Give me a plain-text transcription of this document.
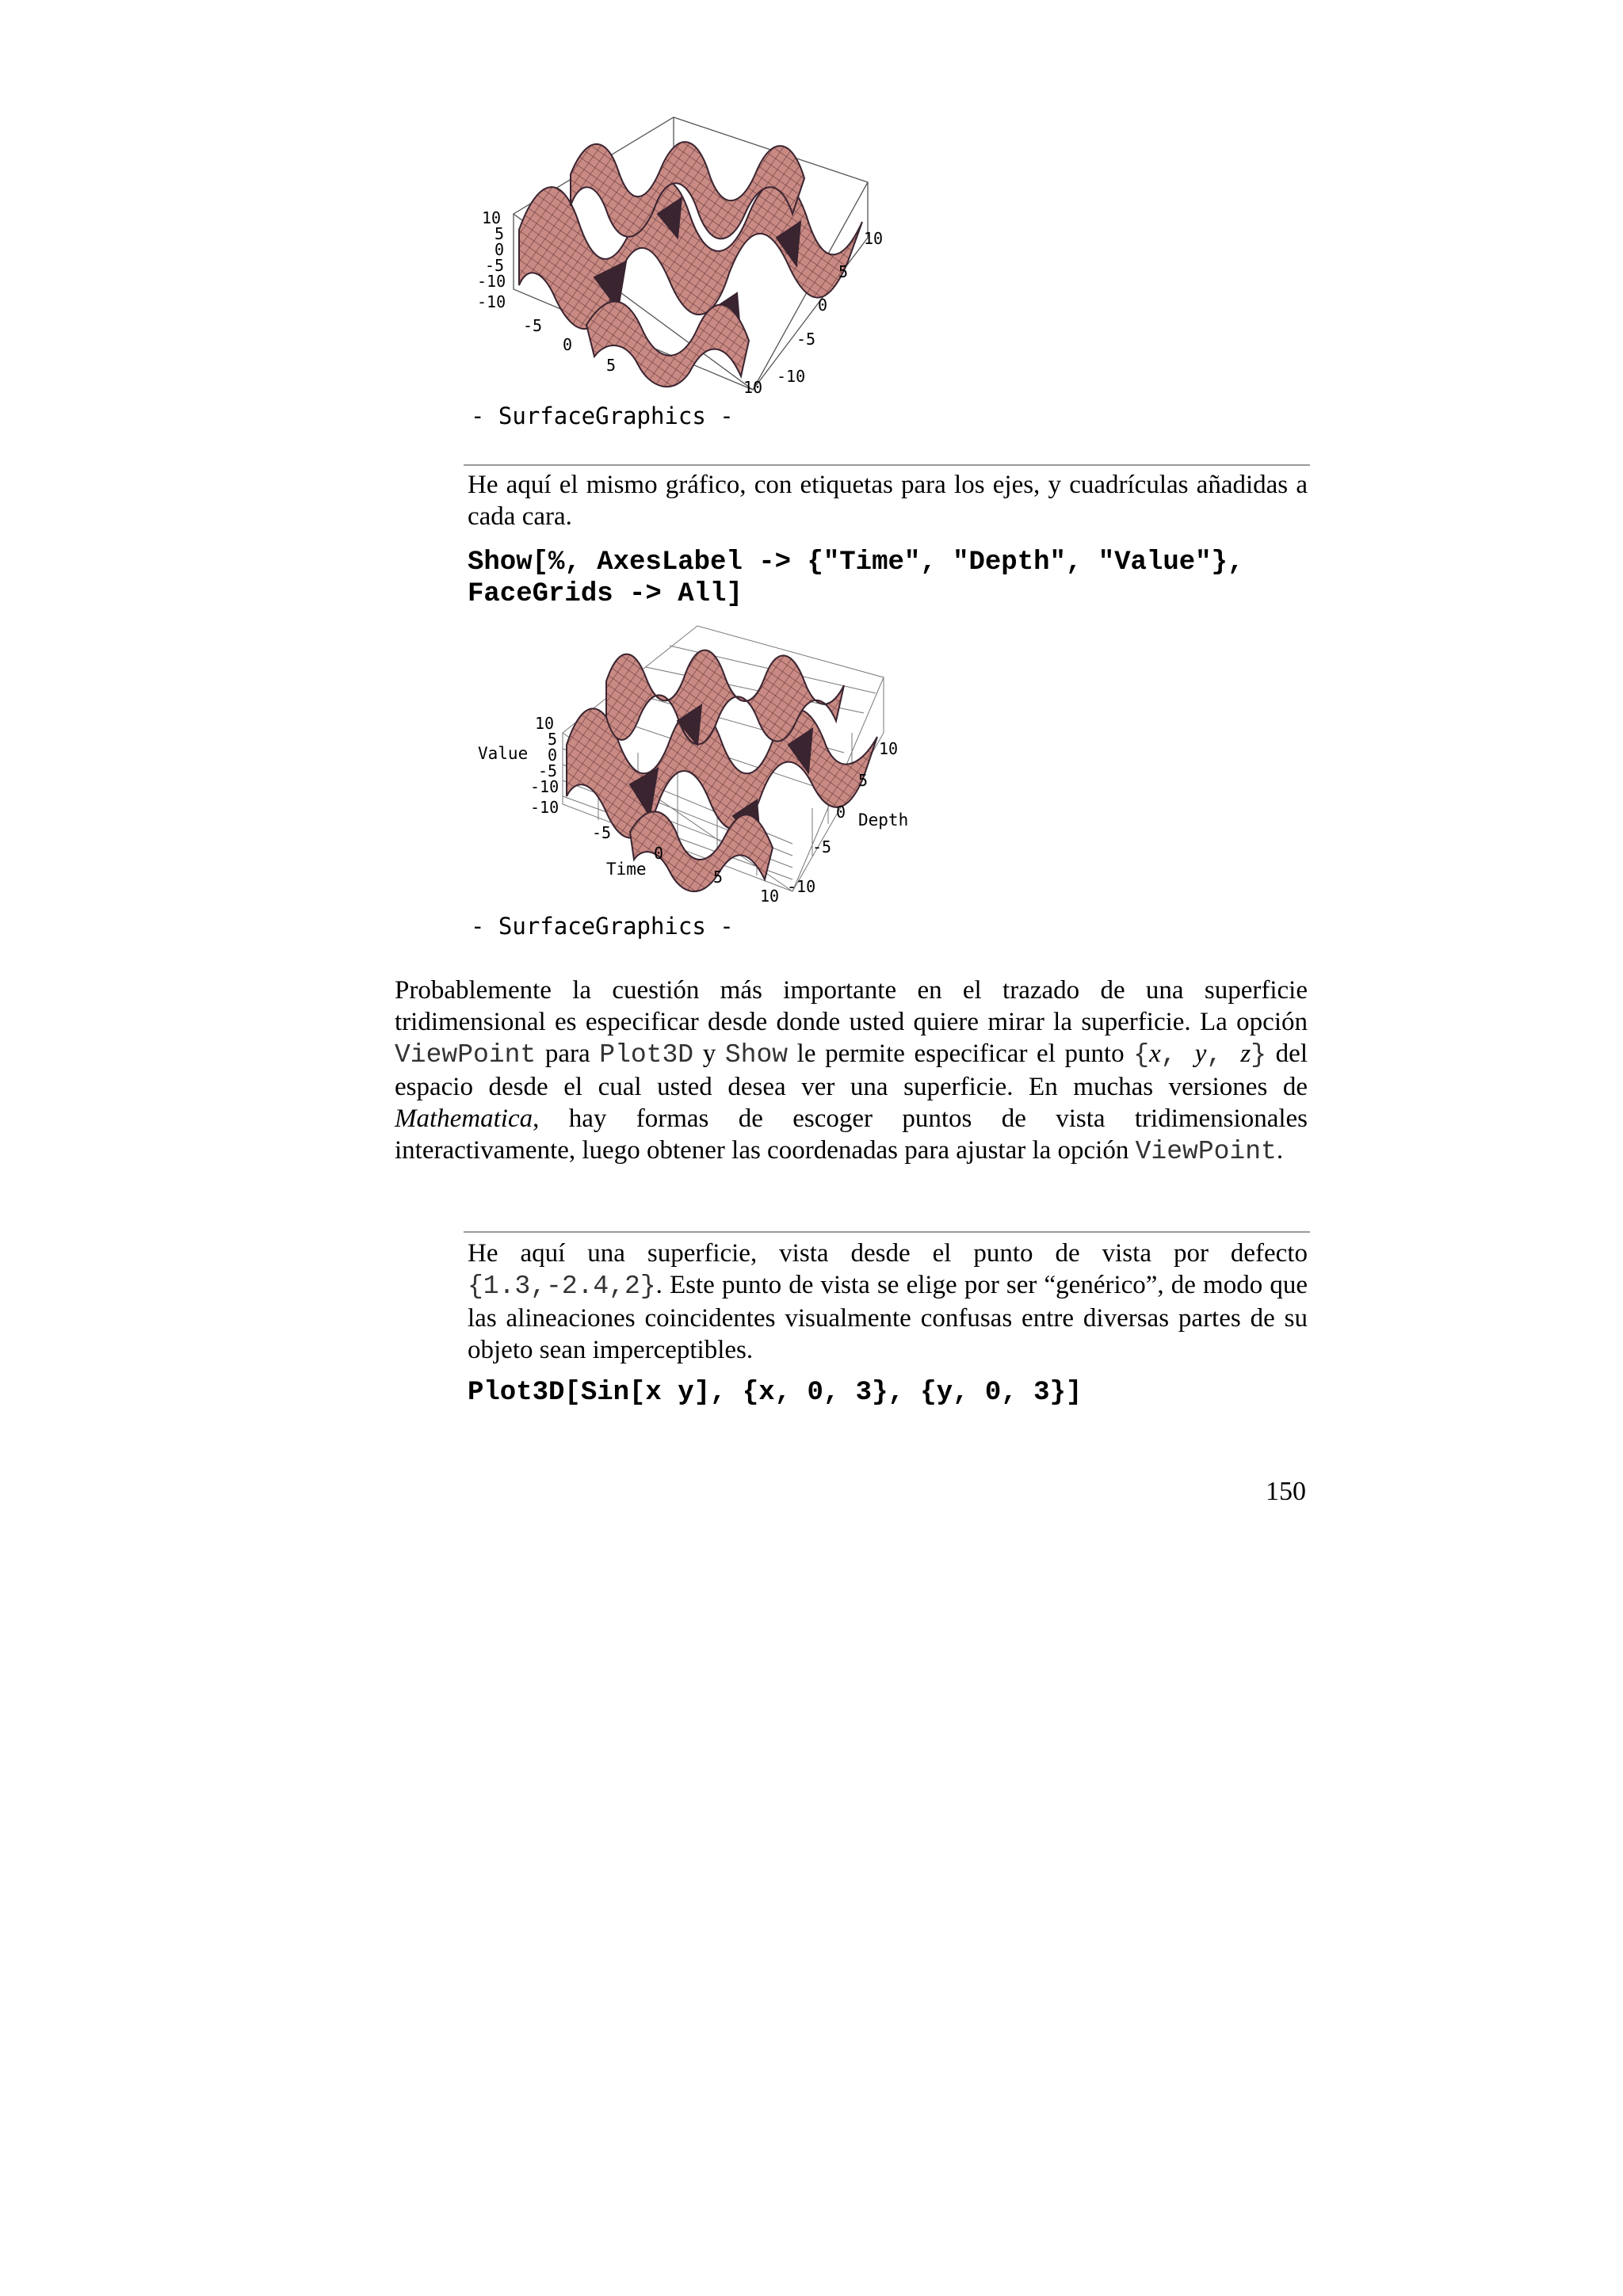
10
5
0
-5
-10
-10
-5
0
5
10
10
5
0
-5
-10
- SurfaceGraphics -
He aquí el mismo gráfico, con etiquetas para los ejes, y cuadrículas añadidas a cada cara.
Show[%, AxesLabel -> {"Time", "Depth", "Value"},
FaceGrids -> All]
10
5
0
-5
-10
-10
-5
0
5
10
10
5
0
-5
-10
Value
Time
Depth
- SurfaceGraphics -
Probablemente la cuestión más importante en el trazado de una superficie tridimensional es especificar desde donde usted quiere mirar la superficie. La opción ViewPoint para Plot3D y Show le permite especificar el punto {x, y, z} del espacio desde el cual usted desea ver una superficie. En muchas versiones de Mathematica, hay formas de escoger puntos de vista tridimensionales interactivamente, luego obtener las coordenadas para ajustar la opción ViewPoint.
He aquí una superficie, vista desde el punto de vista por defecto {1.3,-2.4,2}. Este punto de vista se elige por ser “genérico”, de modo que las alineaciones coincidentes visualmente confusas entre diversas partes de su objeto sean imperceptibles.
Plot3D[Sin[x y], {x, 0, 3}, {y, 0, 3}]
150
